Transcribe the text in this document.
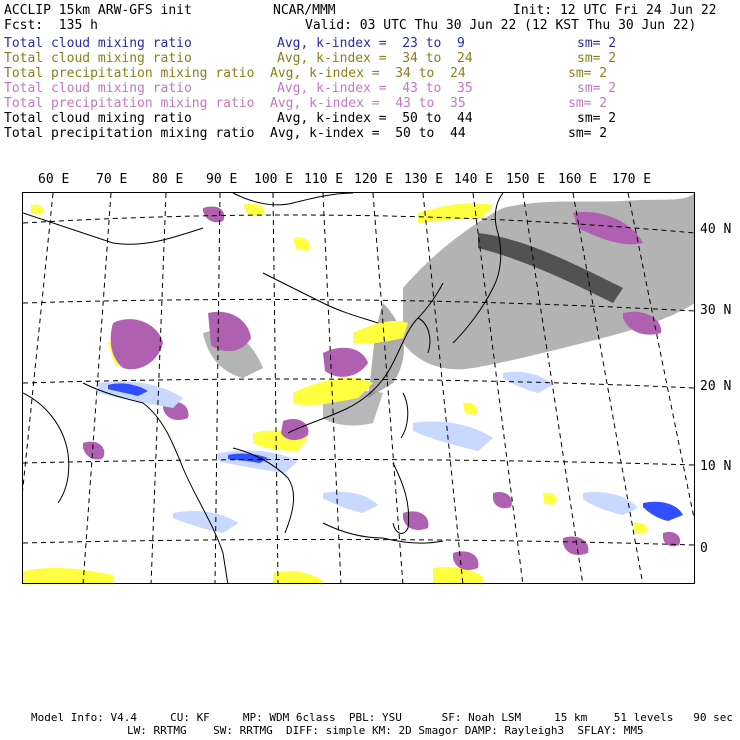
ACCLIP 15km ARW-GFS init	NCAR/MMM	Init: 12 UTC Fri 24 Jun 22
Fcst:  135 h	Valid: 03 UTC Thu 30 Jun 22 (12 KST Thu 30 Jun 22)
Total cloud mixing ratio	Avg, k-index =  23 to  9	sm= 2
Total cloud mixing ratio	Avg, k-index =  34 to  24	sm= 2
Total precipitation mixing ratio Avg, k-index =  34 to  24	sm= 2
Total cloud mixing ratio	Avg, k-index =  43 to  35	sm= 2
Total precipitation mixing ratio Avg, k-index =  43 to  35	sm= 2
Total cloud mixing ratio	Avg, k-index =  50 to  44	sm= 2
Total precipitation mixing ratio Avg, k-index =  50 to  44	sm= 2
60 E 70 E 80 E 90 E 100 E 110 E 120 E 130 E 140 E 150 E 160 E 170 E
40 N
30 N
20 N
10 N
0
Model Info: V4.4     CU: KF     MP: WDM 6class  PBL: YSU      SF: Noah LSM     15 km    51 levels   90 sec
LW: RRTMG    SW: RRTMG  DIFF: simple KM: 2D Smagor DAMP: Rayleigh3  SFLAY: MM5
